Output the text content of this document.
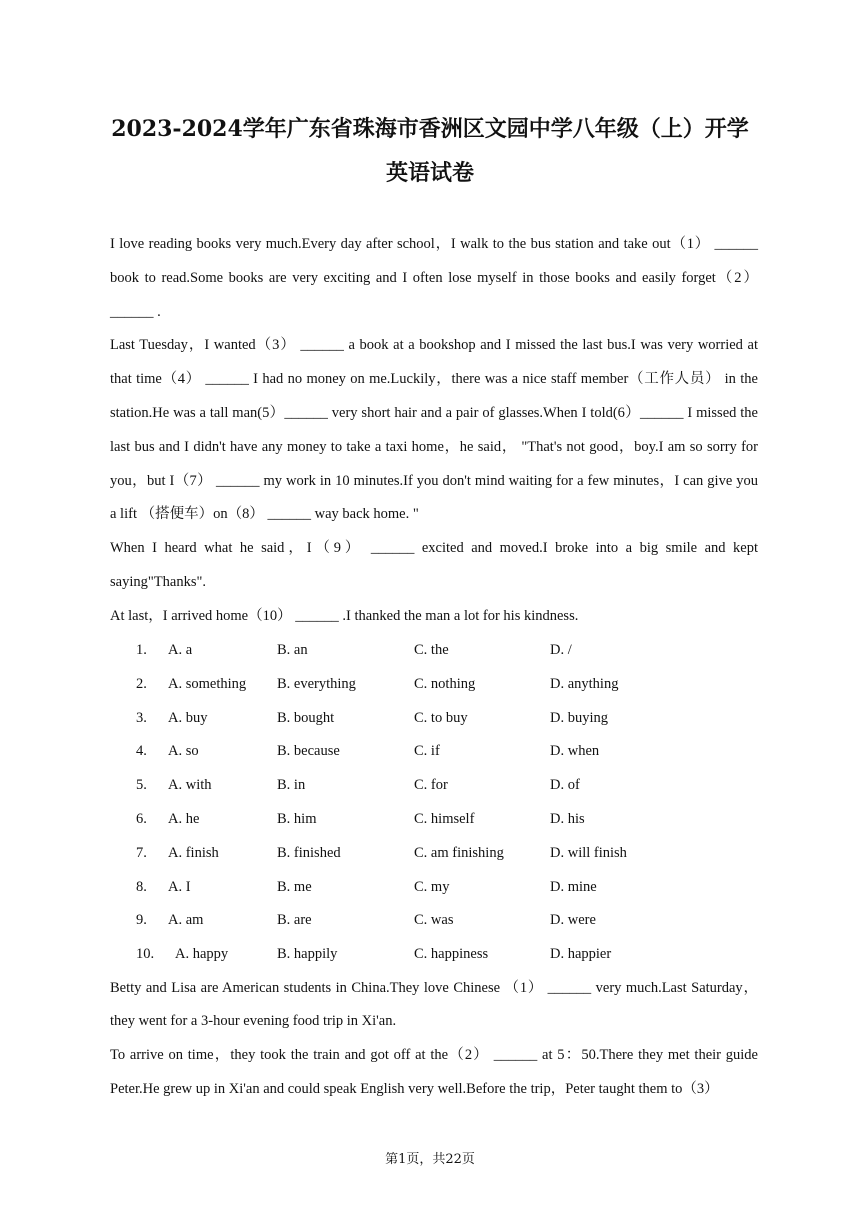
2023-2024学年广东省珠海市香洲区文园中学八年级（上）开学
英语试卷

I love reading books very much.Every day after school，I walk to the bus station and take out（1） ______ book to read.Some books are very exciting and I often lose myself in those books and easily forget（2） ______ .

Last Tuesday，I wanted（3） ______ a book at a bookshop and I missed the last bus.I was very worried at that time（4） ______ I had no money on me.Luckily，there was a nice staff member（工作人员） in the station.He was a tall man(5）______ very short hair and a pair of glasses.When I told(6）______ I missed the last bus and I didn't have any money to take a taxi home，he said， "That's not good，boy.I am so sorry for you，but I（7） ______ my work in 10 minutes.If you don't mind waiting for a few minutes，I can give you a lift （搭便车）on（8） ______ way back home. "

When I heard what he said，I（9） ______ excited and moved.I broke into a big smile and kept saying"Thanks".

At last，I arrived home（10） ______ .I thanked the man a lot for his kindness.

1.	A. a	B. an	C. the	D. /
2.	A. something	B. everything	C. nothing	D. anything
3.	A. buy	B. bought	C. to buy	D. buying
4.	A. so	B. because	C. if	D. when
5.	A. with	B. in	C. for	D. of
6.	A. he	B. him	C. himself	D. his
7.	A. finish	B. finished	C. am finishing	D. will finish
8.	A. I	B. me	C. my	D. mine
9.	A. am	B. are	C. was	D. were
10.	A. happy	B. happily	C. happiness	D. happier

Betty and Lisa are American students in China.They love Chinese （1） ______ very much.Last Saturday，they went for a 3-hour evening food trip in Xi'an.

To arrive on time，they took the train and got off at the（2） ______ at 5：50.There they met their guide Peter.He grew up in Xi'an and could speak English very well.Before the trip，Peter taught them to（3）

第1页，共22页
